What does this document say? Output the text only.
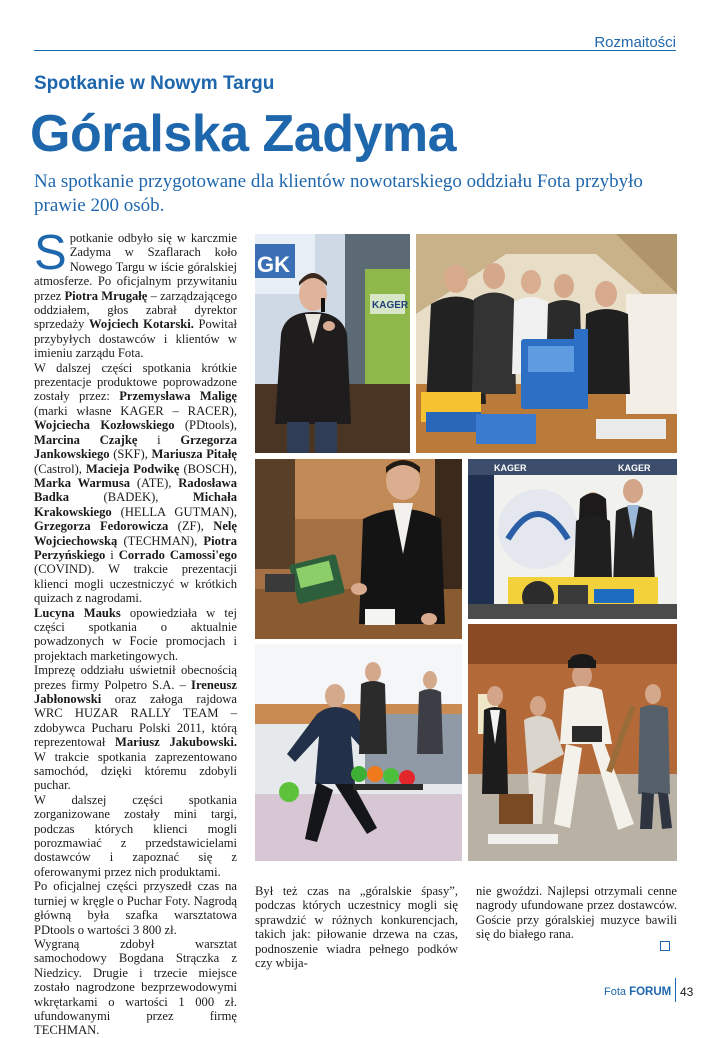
Rozmaitości
Spotkanie w Nowym Targu
Góralska Zadyma
Na spotkanie przygotowane dla klientów nowotarskiego oddziału Fota przybyło prawie 200 osób.

Spotkanie odbyło się w karczmie Zadyma w Szaflarach koło Nowego Targu w iście góralskiej atmosferze. Po oficjalnym przywitaniu przez Piotra Mrugałę – zarządzającego oddziałem, głos zabrał dyrektor sprzedaży Wojciech Kotarski. Powitał przybyłych dostawców i klientów w imieniu zarządu Fota.

W dalszej części spotkania krótkie prezentacje produktowe poprowadzone zostały przez: Przemysława Maligę (marki własne KAGER – RACER), Wojciecha Kozłowskiego (PDtools), Marcina Czajkę i Grzegorza Jankowskiego (SKF), Mariusza Pitałę (Castrol), Macieja Podwikę (BOSCH), Marka Warmusa (ATE), Radosława Badka (BADEK), Michała Krakowskiego (HELLA GUTMAN), Grzegorza Fedorowicza (ZF), Nelę Wojciechowską (TECHMAN), Piotra Perzyńskiego i Corrado Camossi'ego (COVIND). W trakcie prezentacji klienci mogli uczestniczyć w krótkich quizach z nagrodami.

Lucyna Mauks opowiedziała w tej części spotkania o aktualnie powadzonych w Focie promocjach i projektach marketingowych.

Imprezę oddziału uświetnił obecnością prezes firmy Polpetro S.A. – Ireneusz Jabłonowski oraz załoga rajdowa WRC HUZAR RALLY TEAM – zdobywca Pucharu Polski 2011, którą reprezentował Mariusz Jakubowski. W trakcie spotkania zaprezentowano samochód, dzięki któremu zdobyli puchar.

W dalszej części spotkania zorganizowane zostały mini targi, podczas których klienci mogli porozmawiać z przedstawicielami dostawców i zapoznać się z oferowanymi przez nich produktami.

Po oficjalnej części przyszedł czas na turniej w kręgle o Puchar Foty. Nagrodą główną była szafka warsztatowa PDtools o wartości 3 800 zł.

Wygraną zdobył warsztat samochodowy Bogdana Strączka z Niedzicy. Drugie i trzecie miejsce zostało nagrodzone bezprzewodowymi wkrętarkami o wartości 1 000 zł. ufundowanymi przez firmę TECHMAN.

GK
KAGER
KAGER	KAGER
Był też czas na „góralskie śpasy”, podczas których uczestnicy mogli się sprawdzić w różnych konkurencjach, takich jak: piłowanie drzewa na czas, podnoszenie wiadra pełnego podków czy wbija-
nie gwoździ. Najlepsi otrzymali cenne nagrody ufundowane przez dostawców. Goście przy góralskiej muzyce bawili się do białego rana.
Fota FORUM 43
